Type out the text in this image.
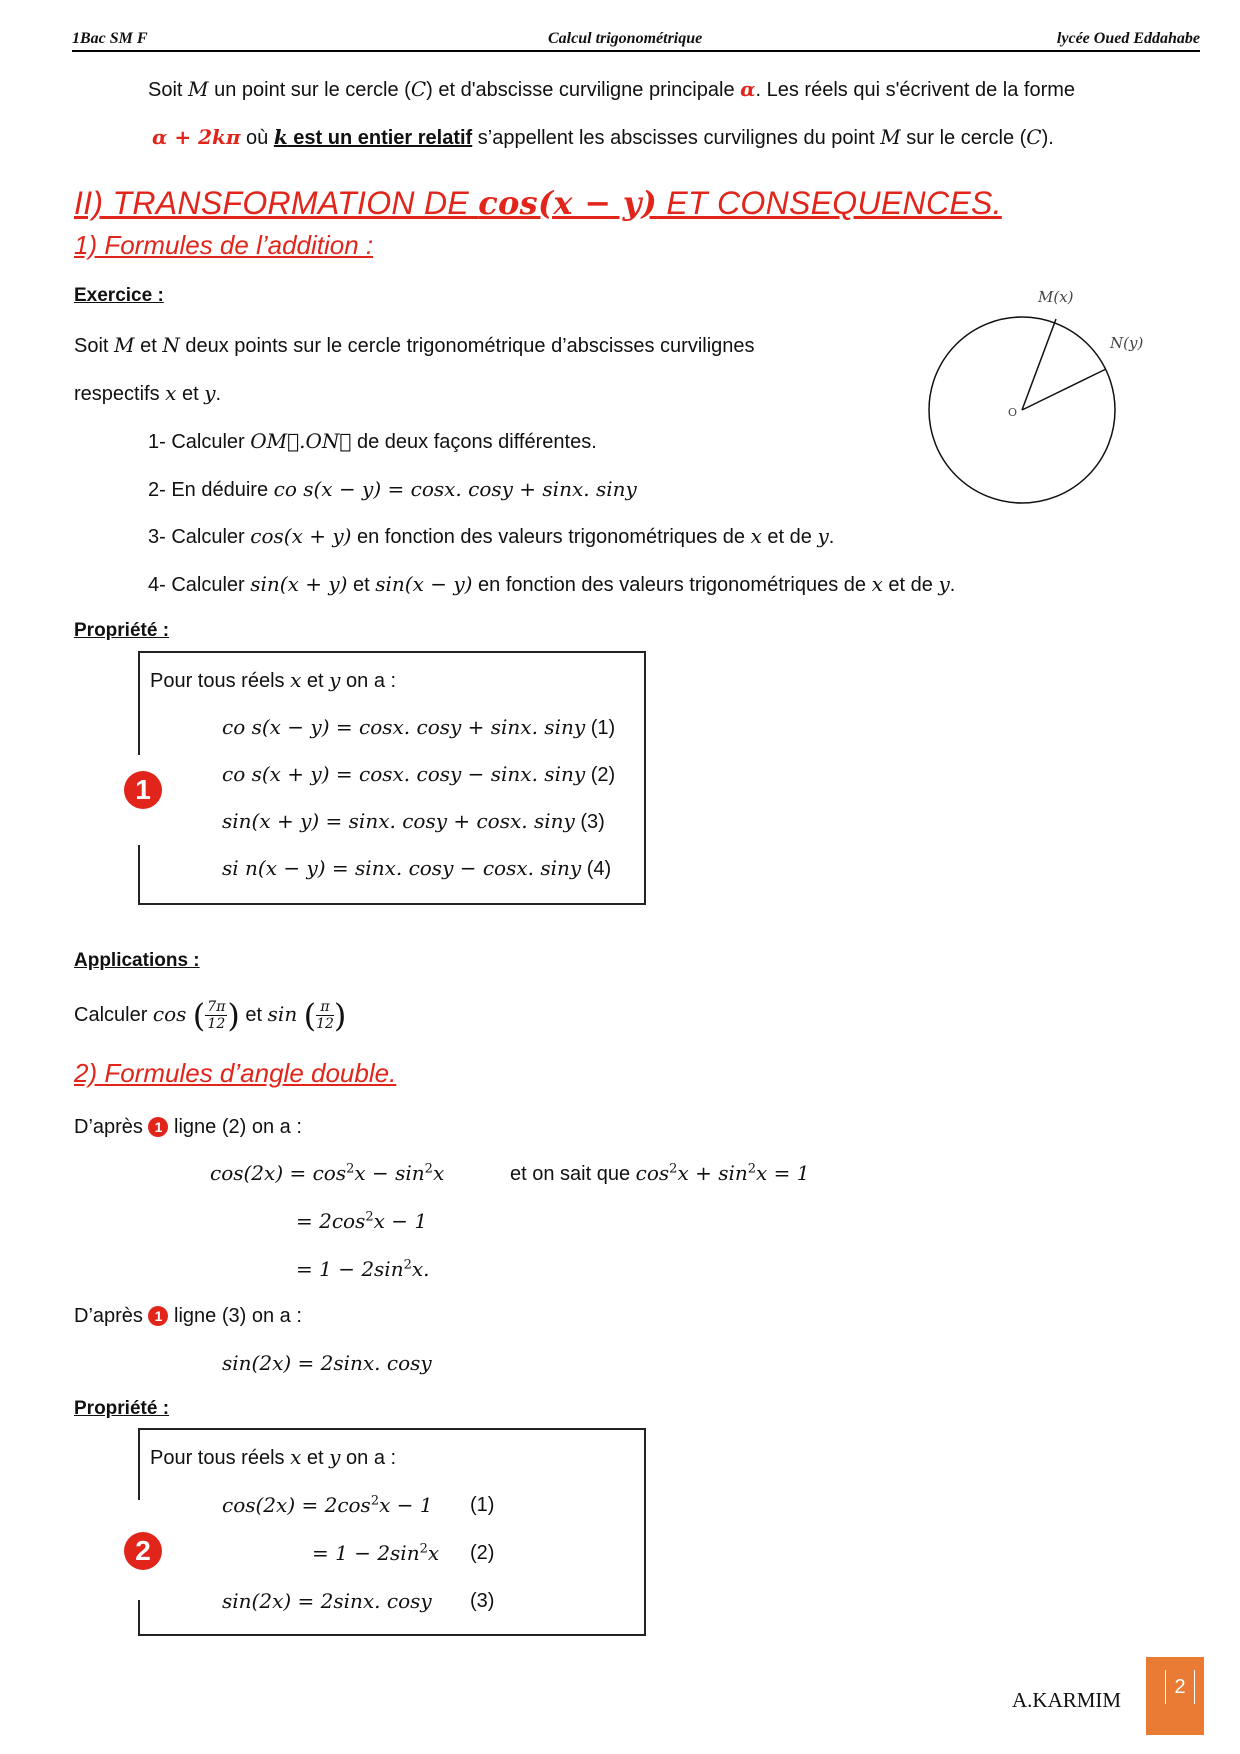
1Bac SM F	Calcul trigonométrique	lycée Oued Eddahabe
Soit M un point sur le cercle (C) et d'abscisse curviligne principale α. Les réels qui s'écrivent de la forme
α + 2kπ où k est un entier relatif s’appellent les abscisses curvilignes du point M sur le cercle (C).
II) TRANSFORMATION DE cos(x − y) ET CONSEQUENCES.
1) Formules de l’addition :
Exercice :
Soit M et N deux points sur le cercle trigonométrique d’abscisses curvilignes
respectifs x et y.
1- Calculer OM⃗.ON⃗ de deux façons différentes.
2- En déduire co s(x − y) = cosx. cosy + sinx. siny
3- Calculer cos(x + y) en fonction des valeurs trigonométriques de x et de y.
4- Calculer sin(x + y) et sin(x − y) en fonction des valeurs trigonométriques de x et de y.
M(x)
N(y)
O
Propriété :
1
Pour tous réels x et y on a :
co s(x − y) = cosx. cosy + sinx. siny (1)
co s(x + y) = cosx. cosy − sinx. siny (2)
sin(x + y) = sinx. cosy + cosx. siny (3)
si n(x − y) = sinx. cosy − cosx. siny (4)
Applications :
Calculer cos ( $\frac{7\pi}{12}$ ) et sin ( $\frac{\pi}{12}$ )
2) Formules d’angle double.
D’après 1 ligne (2) on a :
$\cos(2x) = \cos^2x - \sin^2x$	et on sait que $\cos^2x + \sin^2x = 1$
= $2\cos^2x - 1$
= $1 - 2\sin^2x$.
D’après 1 ligne (3) on a :
sin(2x) = 2sinx. cosy
Propriété :
2
Pour tous réels x et y on a :
$\cos(2x) = 2\cos^2x - 1$ (1)
= $1 - 2\sin^2x$ (2)
sin(2x) = 2sinx. cosy (3)
A.KARMIM
2
